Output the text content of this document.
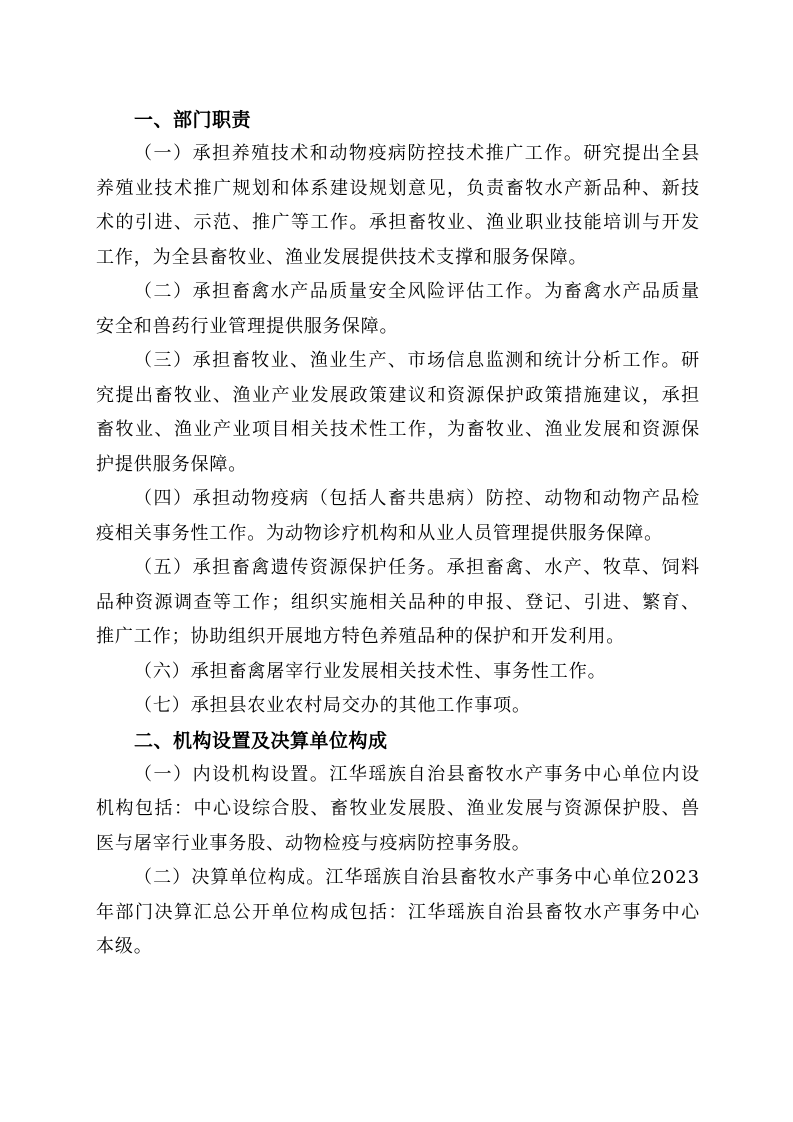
一、部门职责

（一）承担养殖技术和动物疫病防控技术推广工作。研究提出全县养殖业技术推广规划和体系建设规划意见，负责畜牧水产新品种、新技术的引进、示范、推广等工作。承担畜牧业、渔业职业技能培训与开发工作，为全县畜牧业、渔业发展提供技术支撑和服务保障。

（二）承担畜禽水产品质量安全风险评估工作。为畜禽水产品质量安全和兽药行业管理提供服务保障。

（三）承担畜牧业、渔业生产、市场信息监测和统计分析工作。研究提出畜牧业、渔业产业发展政策建议和资源保护政策措施建议，承担畜牧业、渔业产业项目相关技术性工作，为畜牧业、渔业发展和资源保护提供服务保障。

（四）承担动物疫病（包括人畜共患病）防控、动物和动物产品检疫相关事务性工作。为动物诊疗机构和从业人员管理提供服务保障。

（五）承担畜禽遗传资源保护任务。承担畜禽、水产、牧草、饲料品种资源调查等工作；组织实施相关品种的申报、登记、引进、繁育、推广工作；协助组织开展地方特色养殖品种的保护和开发利用。

（六）承担畜禽屠宰行业发展相关技术性、事务性工作。

（七）承担县农业农村局交办的其他工作事项。

二、机构设置及决算单位构成

（一）内设机构设置。江华瑶族自治县畜牧水产事务中心单位内设机构包括：中心设综合股、畜牧业发展股、渔业发展与资源保护股、兽医与屠宰行业事务股、动物检疫与疫病防控事务股。

（二）决算单位构成。江华瑶族自治县畜牧水产事务中心单位2023年部门决算汇总公开单位构成包括：江华瑶族自治县畜牧水产事务中心本级。
